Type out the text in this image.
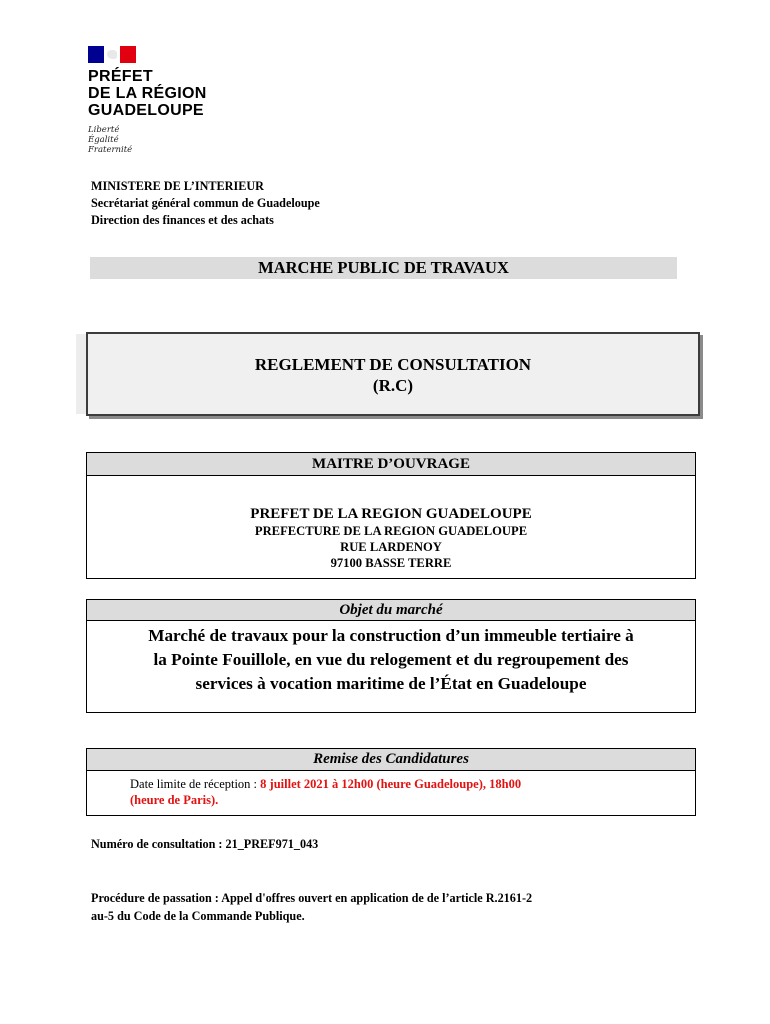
PRÉFET
DE LA RÉGION
GUADELOUPE
Liberté
Égalité
Fraternité
MINISTERE DE L’INTERIEUR
Secrétariat général commun de Guadeloupe
Direction des finances et des achats
MARCHE PUBLIC DE TRAVAUX
REGLEMENT DE CONSULTATION
(R.C)
MAITRE D’OUVRAGE
PREFET DE LA REGION GUADELOUPE
PREFECTURE DE LA REGION GUADELOUPE
RUE LARDENOY
97100 BASSE TERRE
Objet du marché
Marché de travaux pour la construction d’un immeuble tertiaire à
la Pointe Fouillole, en vue du relogement et du regroupement des
services à vocation maritime de l’État en Guadeloupe
Remise des Candidatures
Date limite de réception : 8 juillet 2021 à 12h00 (heure Guadeloupe), 18h00
(heure de Paris).
Numéro de consultation : 21_PREF971_043
Procédure de passation : Appel d'offres ouvert en application de de l’article R.2161-2
au-5 du Code de la Commande Publique.
